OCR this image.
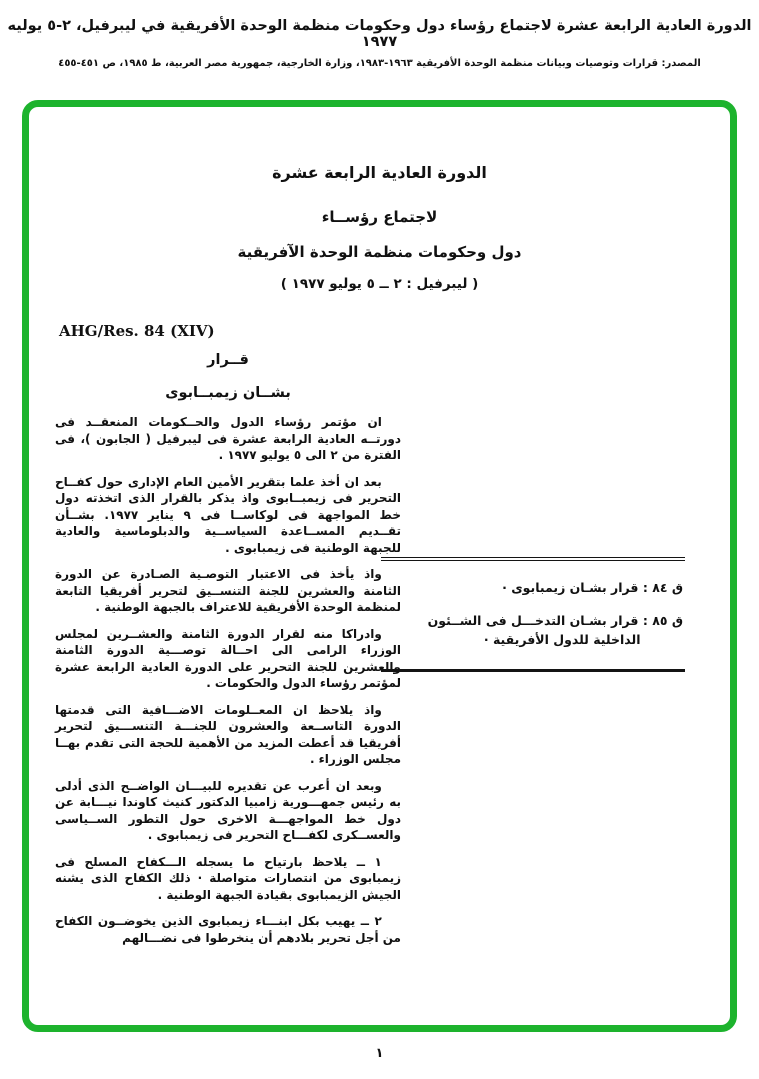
الدورة العادية الرابعة عشرة لاجتماع رؤساء دول وحكومات منظمة الوحدة الأفريقية في ليبرفيل، ٢-٥ يوليه ١٩٧٧
المصدر: قرارات وتوصيات وبيانات منظمة الوحدة الأفريقية ١٩٦٣-١٩٨٣، وزارة الخارجية، جمهورية مصر العربية، ط ١٩٨٥، ص ٤٥١-٤٥٥
الدورة العادية الرابعة عشرة
لاجتماع رؤســاء
دول وحكومات منظمة الوحدة الآفريقية
( ليبرفيل : ٢ ــ ٥ يوليو ١٩٧٧ )
AHG/Res. 84 (XIV)
قــرار
بشــان زيمبــابوى

ان مؤتمر رؤساء الدول والحــكومات المنعقــد فى دورتــه العادية الرابعة عشرة فى ليبرفيل ( الجابون )، فى الفترة من ٢ الى ٥ يوليو ١٩٧٧ .

بعد ان أخذ علما بتقرير الأمين العام الإدارى حول كفــاح التحرير فى زيمبــابوى واذ يذكر بالقرار الذى اتخذته دول خط المواجهة فى لوكاســا فى ٩ يناير ١٩٧٧. بشــأن تقــديم المســاعدة السياســية والدبلوماسية والعادية للجبهة الوطنية فى زيمبابوى .

واذ يأخذ فى الاعتبار التوصـية الصـادرة عن الدورة الثامنة والعشرين للجنة التنســيق لتحرير أفريقيا التابعة لمنظمة الوحدة الأفريقية للاعتراف بالجبهة الوطنية .

وادراكا منه لقرار الدورة الثامنة والعشــرين لمجلس الوزراء الرامى الى احــالة توصـــية الدورة الثامنة والعشرين للجنة التحرير على الدورة العادية الرابعة عشرة لمؤتمر رؤساء الدول والحكومات .

واذ يلاحظ ان المعــلومات الاضـــافية التى قدمتها الدورة التاســعة والعشرون للجنـــة التنســـيق لتحرير أفريقيا قد أعطت المزيد من الأهمية للحجة التى تقدم بهــا مجلس الوزراء .

وبعد ان أعرب عن تقديره للبيـــان الواضــح الذى أدلى به رئيس جمهـــورية زامبيا الدكتور كنيث كاوندا نيـــابة عن دول خط المواجهـــة الاخرى حول التطور الســياسى والعســكرى لكفـــاح التحرير فى زيمبابوى .

١ ــ يلاحظ بارتياح ما يسجله الـــكفاح المسلح فى زيمبابوى من انتصارات متواصلة · ذلك الكفاح الذى يشنه الجيش الزيمبابوى بقيادة الجبهة الوطنية .

٢ ــ يهيب بكل ابنـــاء زيمبابوى الذين يخوضــون الكفاح من أجل تحرير بلادهم أن ينخرطوا فى نضـــالهم

ق ٨٤ : قرار بشـان زيمبابوى ·
ق ٨٥ : قرار بشـان التدخـــل فى الشــئون الداخلية للدول الأفريقية ·
١
